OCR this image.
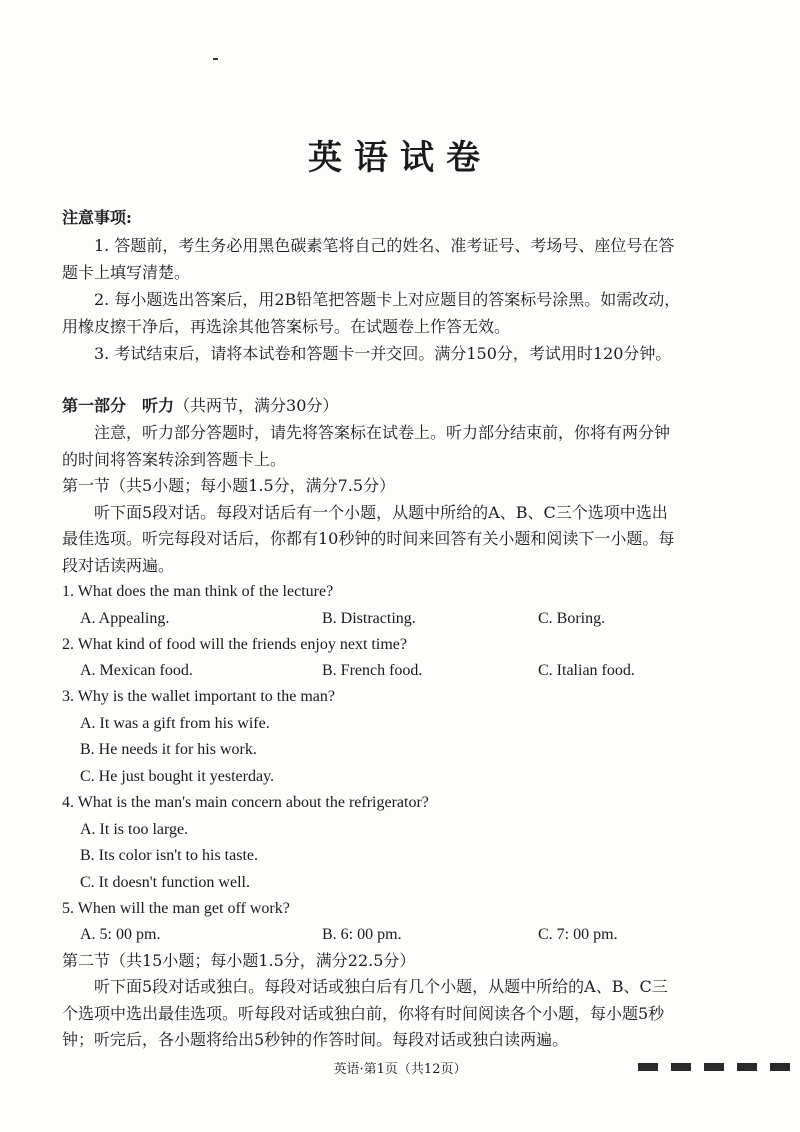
英语试卷
注意事项:
1. 答题前，考生务必用黑色碳素笔将自己的姓名、准考证号、考场号、座位号在答
题卡上填写清楚。
2. 每小题选出答案后，用2B铅笔把答题卡上对应题目的答案标号涂黑。如需改动，
用橡皮擦干净后，再选涂其他答案标号。在试题卷上作答无效。
3. 考试结束后，请将本试卷和答题卡一并交回。满分150分，考试用时120分钟。
第一部分　听力（共两节，满分30分）
注意，听力部分答题时，请先将答案标在试卷上。听力部分结束前，你将有两分钟
的时间将答案转涂到答题卡上。
第一节（共5小题；每小题1.5分，满分7.5分）
听下面5段对话。每段对话后有一个小题，从题中所给的A、B、C三个选项中选出
最佳选项。听完每段对话后，你都有10秒钟的时间来回答有关小题和阅读下一小题。每
段对话读两遍。
1. What does the man think of the lecture?
A. Appealing.	B. Distracting.	C. Boring.
2. What kind of food will the friends enjoy next time?
A. Mexican food.	B. French food.	C. Italian food.
3. Why is the wallet important to the man?
A. It was a gift from his wife.
B. He needs it for his work.
C. He just bought it yesterday.
4. What is the man's main concern about the refrigerator?
A. It is too large.
B. Its color isn't to his taste.
C. It doesn't function well.
5. When will the man get off work?
A. 5: 00 pm.	B. 6: 00 pm.	C. 7: 00 pm.
第二节（共15小题；每小题1.5分，满分22.5分）
听下面5段对话或独白。每段对话或独白后有几个小题，从题中所给的A、B、C三
个选项中选出最佳选项。听每段对话或独白前，你将有时间阅读各个小题，每小题5秒
钟；听完后，各小题将给出5秒钟的作答时间。每段对话或独白读两遍。
英语·第1页（共12页）
